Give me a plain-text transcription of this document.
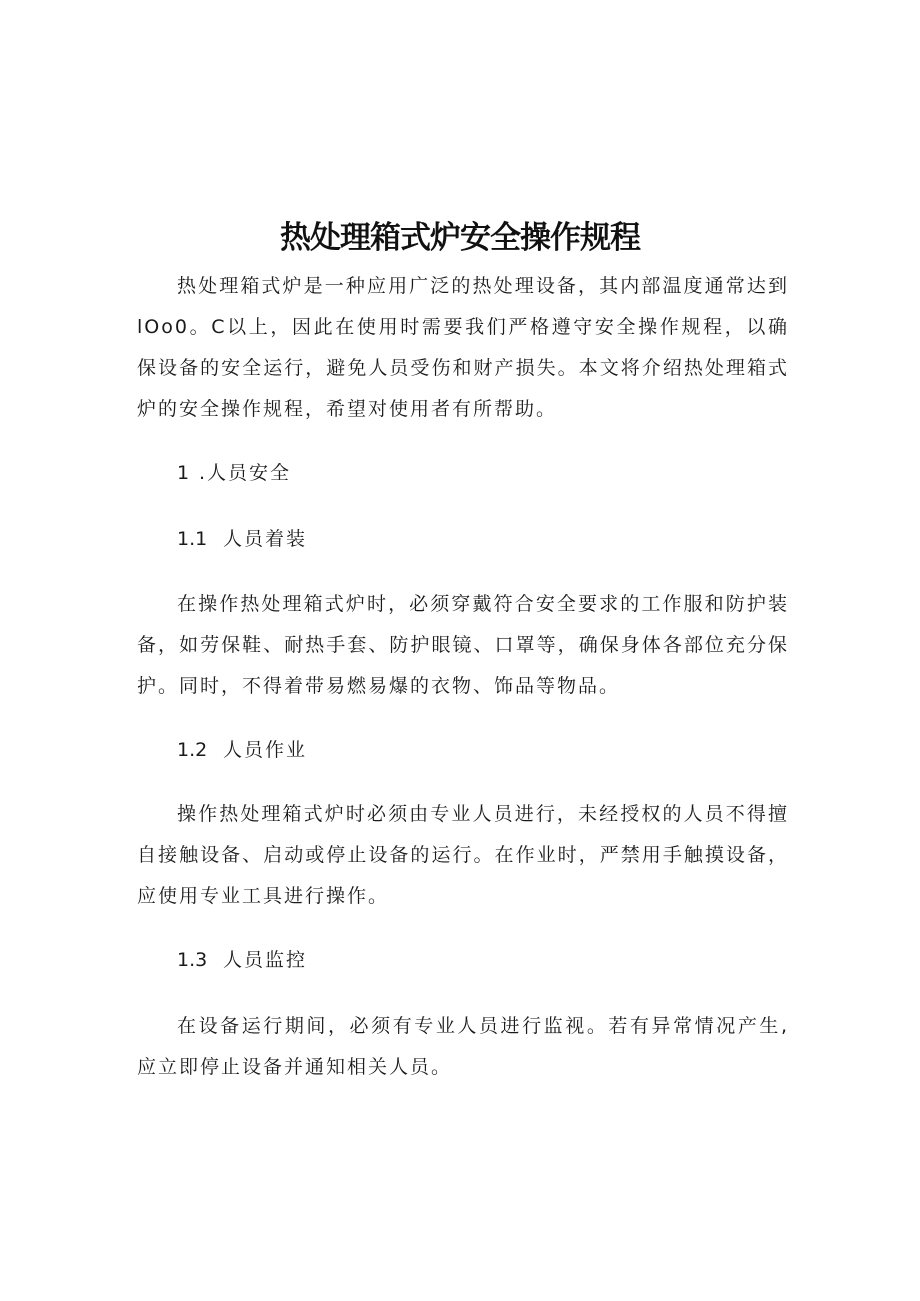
热处理箱式炉安全操作规程

热处理箱式炉是一种应用广泛的热处理设备，其内部温度通常达到lOo0。C以上，因此在使用时需要我们严格遵守安全操作规程，以确保设备的安全运行，避免人员受伤和财产损失。本文将介绍热处理箱式炉的安全操作规程，希望对使用者有所帮助。

1 .人员安全
1.1 人员着装

在操作热处理箱式炉时，必须穿戴符合安全要求的工作服和防护装备，如劳保鞋、耐热手套、防护眼镜、口罩等，确保身体各部位充分保护。同时，不得着带易燃易爆的衣物、饰品等物品。

1.2 人员作业

操作热处理箱式炉时必须由专业人员进行，未经授权的人员不得擅自接触设备、启动或停止设备的运行。在作业时，严禁用手触摸设备，应使用专业工具进行操作。

1.3 人员监控

在设备运行期间，必须有专业人员进行监视。若有异常情况产生,应立即停止设备并通知相关人员。
